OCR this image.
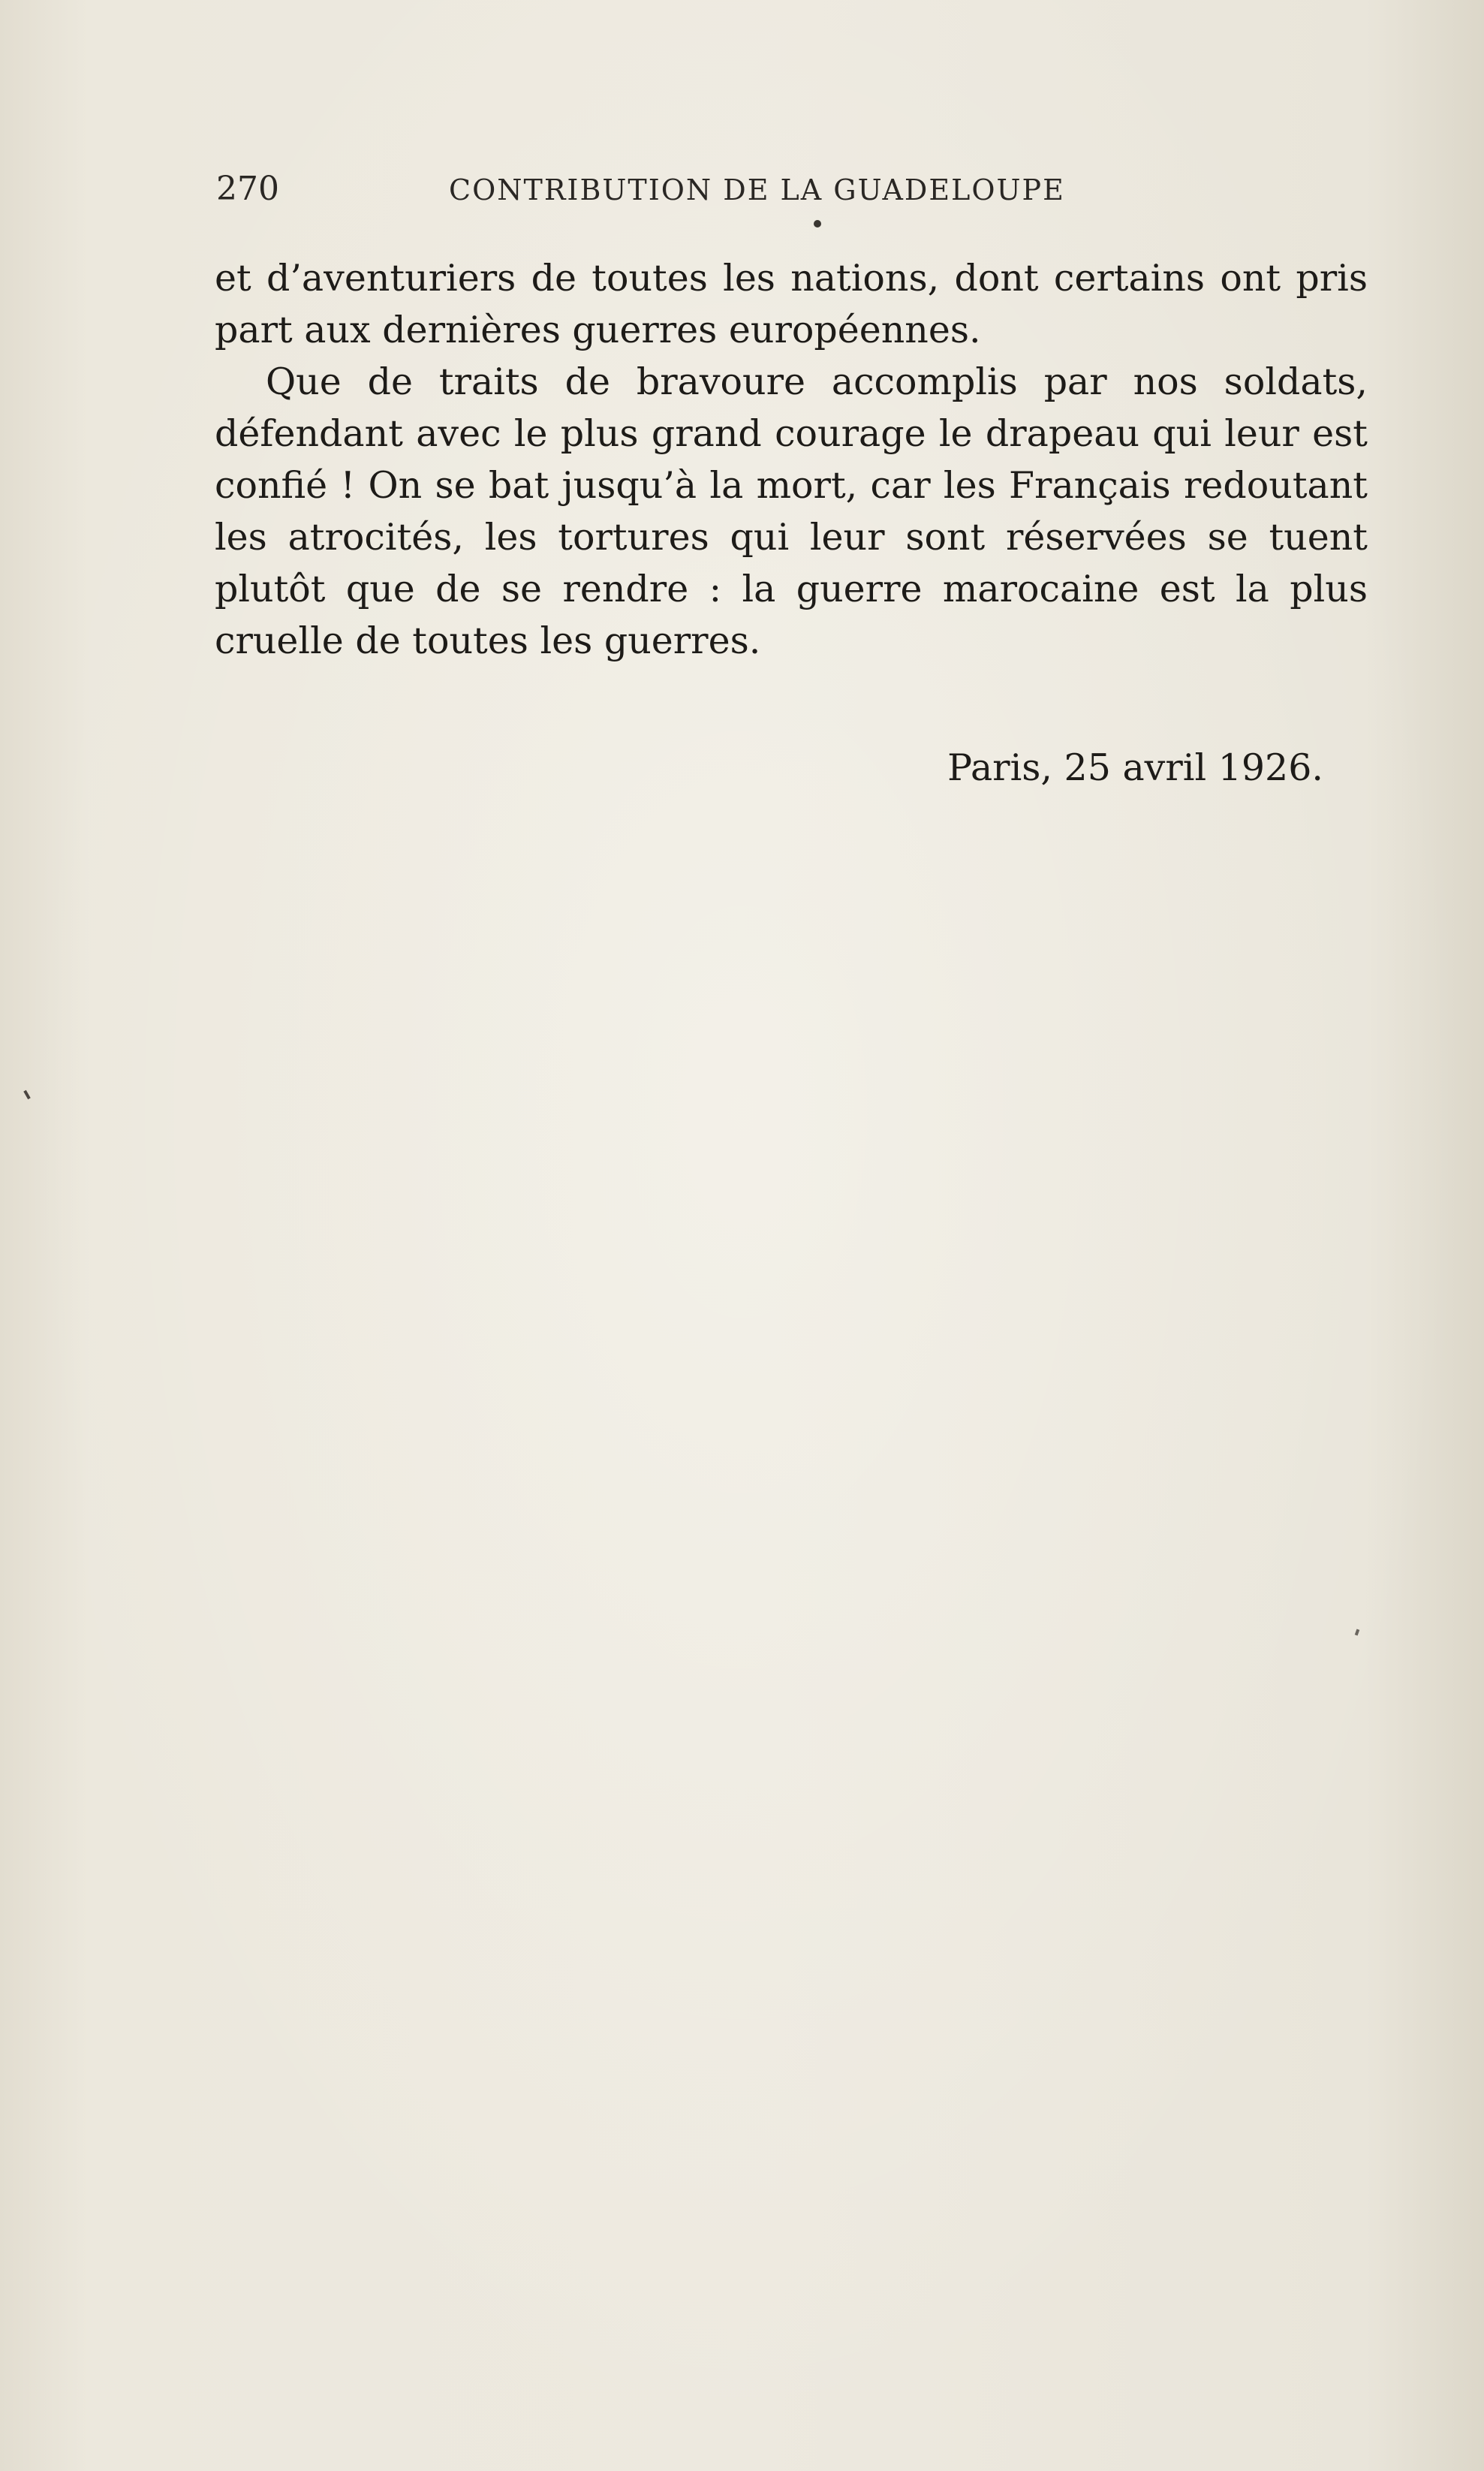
270	CONTRIBUTION DE LA GUADELOUPE

et d’aventuriers de toutes les nations, dont certains ont pris part aux dernières guerres européennes.

Que de traits de bravoure accomplis par nos soldats, défendant avec le plus grand courage le drapeau qui leur est confié ! On se bat jusqu’à la mort, car les Français redoutant les atrocités, les tortures qui leur sont réservées se tuent plutôt que de se rendre : la guerre marocaine est la plus cruelle de toutes les guerres.

Paris, 25 avril 1926.
